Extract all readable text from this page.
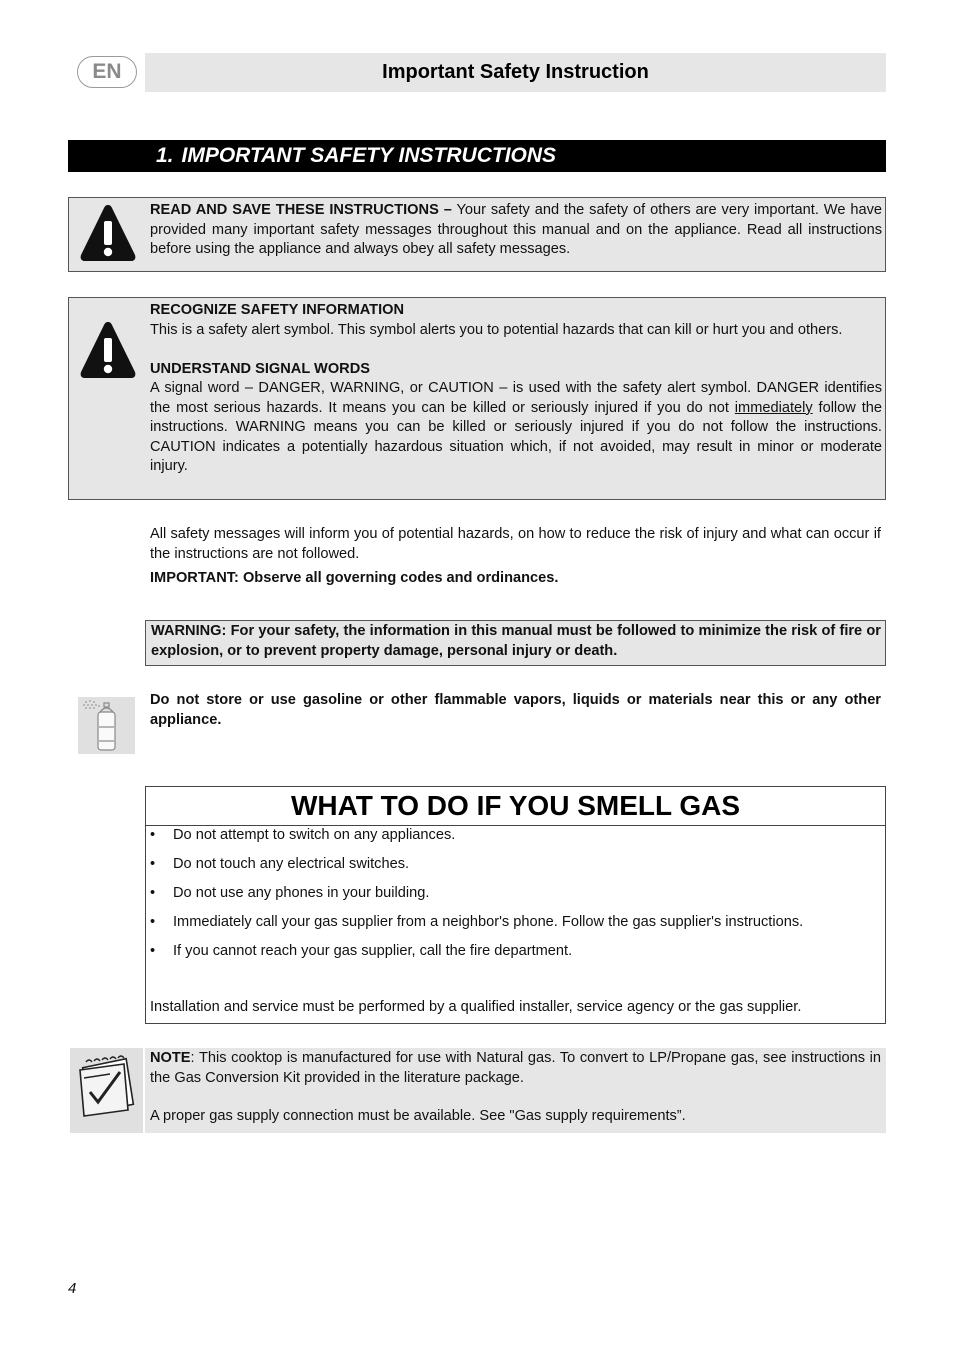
EN	Important Safety Instruction
1. IMPORTANT SAFETY INSTRUCTIONS
READ AND SAVE THESE INSTRUCTIONS – Your safety and the safety of others are very important. We have provided many important safety messages throughout this manual and on the appliance. Read all instructions before using the appliance and always obey all safety messages.
RECOGNIZE SAFETY INFORMATION
This is a safety alert symbol. This symbol alerts you to potential hazards that can kill or hurt you and others.
UNDERSTAND SIGNAL WORDS
A signal word – DANGER, WARNING, or CAUTION – is used with the safety alert symbol. DANGER identifies the most serious hazards. It means you can be killed or seriously injured if you do not immediately follow the instructions. WARNING means you can be killed or seriously injured if you do not follow the instructions. CAUTION indicates a potentially hazardous situation which, if not avoided, may result in minor or moderate injury.
All safety messages will inform you of potential hazards, on how to reduce the risk of injury and what can occur if the instructions are not followed.
IMPORTANT: Observe all governing codes and ordinances.
WARNING: For your safety, the information in this manual must be followed to minimize the risk of fire or explosion, or to prevent property damage, personal injury or death.
Do not store or use gasoline or other flammable vapors, liquids or materials near this or any other appliance.
WHAT TO DO IF YOU SMELL GAS
• Do not attempt to switch on any appliances.
• Do not touch any electrical switches.
• Do not use any phones in your building.
• Immediately call your gas supplier from a neighbor's phone. Follow the gas supplier's instructions.
• If you cannot reach your gas supplier, call the fire department.
Installation and service must be performed by a qualified installer, service agency or the gas supplier.
NOTE: This cooktop is manufactured for use with Natural gas. To convert to LP/Propane gas, see instructions in the Gas Conversion Kit provided in the literature package.
A proper gas supply connection must be available. See "Gas supply requirements”.
4
